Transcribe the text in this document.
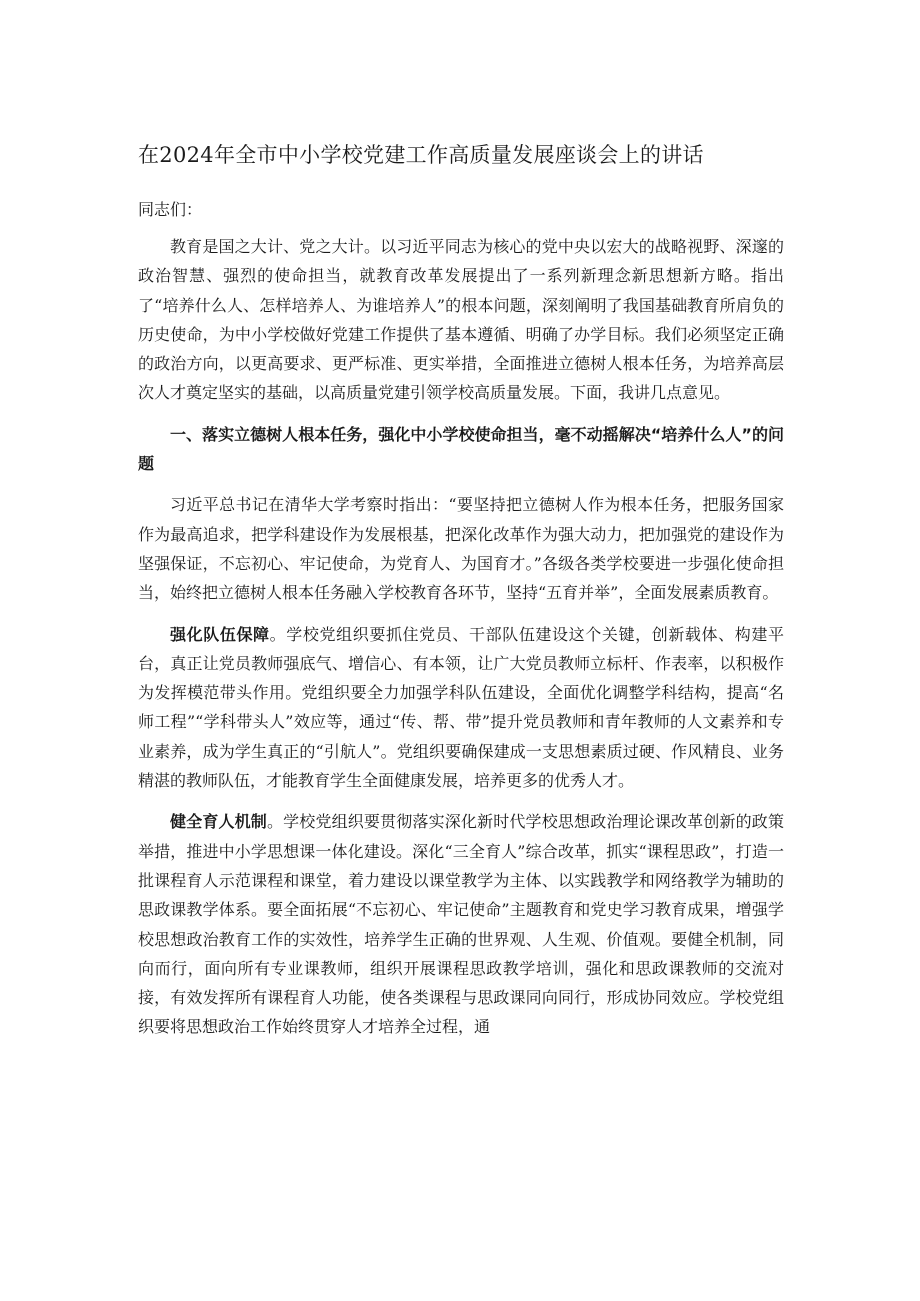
在2024年全市中小学校党建工作高质量发展座谈会上的讲话
同志们：

教育是国之大计、党之大计。以习近平同志为核心的党中央以宏大的战略视野、深邃的政治智慧、强烈的使命担当，就教育改革发展提出了一系列新理念新思想新方略。指出了“培养什么人、怎样培养人、为谁培养人”的根本问题，深刻阐明了我国基础教育所肩负的历史使命，为中小学校做好党建工作提供了基本遵循、明确了办学目标。我们必须坚定正确的政治方向，以更高要求、更严标准、更实举措，全面推进立德树人根本任务，为培养高层次人才奠定坚实的基础，以高质量党建引领学校高质量发展。下面，我讲几点意见。

一、落实立德树人根本任务，强化中小学校使命担当，毫不动摇解决“培养什么人”的问题

习近平总书记在清华大学考察时指出：“要坚持把立德树人作为根本任务，把服务国家作为最高追求，把学科建设作为发展根基，把深化改革作为强大动力，把加强党的建设作为坚强保证，不忘初心、牢记使命，为党育人、为国育才。”各级各类学校要进一步强化使命担当，始终把立德树人根本任务融入学校教育各环节，坚持“五育并举”，全面发展素质教育。

强化队伍保障。学校党组织要抓住党员、干部队伍建设这个关键，创新载体、构建平台，真正让党员教师强底气、增信心、有本领，让广大党员教师立标杆、作表率，以积极作为发挥模范带头作用。党组织要全力加强学科队伍建设，全面优化调整学科结构，提高“名师工程”“学科带头人”效应等，通过“传、帮、带”提升党员教师和青年教师的人文素养和专业素养，成为学生真正的“引航人”。党组织要确保建成一支思想素质过硬、作风精良、业务精湛的教师队伍，才能教育学生全面健康发展，培养更多的优秀人才。

健全育人机制。学校党组织要贯彻落实深化新时代学校思想政治理论课改革创新的政策举措，推进中小学思想课一体化建设。深化“三全育人”综合改革，抓实“课程思政”，打造一批课程育人示范课程和课堂，着力建设以课堂教学为主体、以实践教学和网络教学为辅助的思政课教学体系。要全面拓展“不忘初心、牢记使命”主题教育和党史学习教育成果，增强学校思想政治教育工作的实效性，培养学生正确的世界观、人生观、价值观。要健全机制，同向而行，面向所有专业课教师，组织开展课程思政教学培训，强化和思政课教师的交流对接，有效发挥所有课程育人功能，使各类课程与思政课同向同行，形成协同效应。学校党组织要将思想政治工作始终贯穿人才培养全过程，通
